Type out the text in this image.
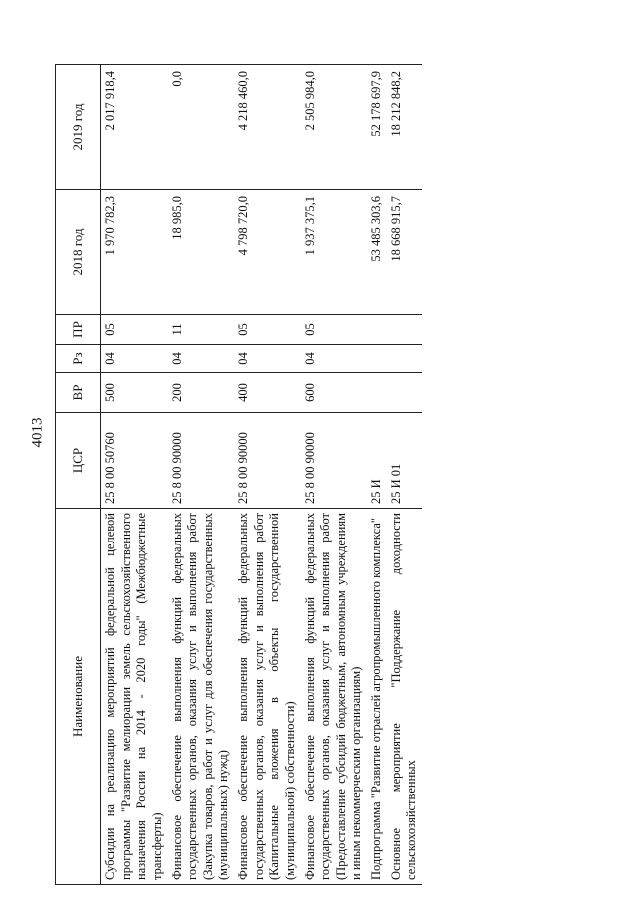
4013
Наименование	ЦСР	ВР	Рз	ПР	2018 год	2019 год
Субсидии на реализацию мероприятий федеральной целевой программы "Развитие мелиорации земель сельскохозяйственного назначения России на 2014 - 2020 годы" (Межбюджетные трансферты)	25 8 00 50760	500	04	05	1 970 782,3	2 017 918,4
Финансовое обеспечение выполнения функций федеральных государственных органов, оказания услуг и выполнения работ (Закупка товаров, работ и услуг для обеспечения государственных (муниципальных) нужд)	25 8 00 90000	200	04	11	18 985,0	0,0
Финансовое обеспечение выполнения функций федеральных государственных органов, оказания услуг и выполнения работ (Капитальные вложения в объекты государственной (муниципальной) собственности)	25 8 00 90000	400	04	05	4 798 720,0	4 218 460,0
Финансовое обеспечение выполнения функций федеральных государственных органов, оказания услуг и выполнения работ (Предоставление субсидий бюджетным, автономным учреждениям и иным некоммерческим организациям)	25 8 00 90000	600	04	05	1 937 375,1	2 505 984,0
Подпрограмма "Развитие отраслей агропромышленного комплекса"	25 И				53 485 303,6	52 178 697,9
Основное мероприятие "Поддержание доходности сельскохозяйственных	25 И 01				18 668 915,7	18 212 848,2
